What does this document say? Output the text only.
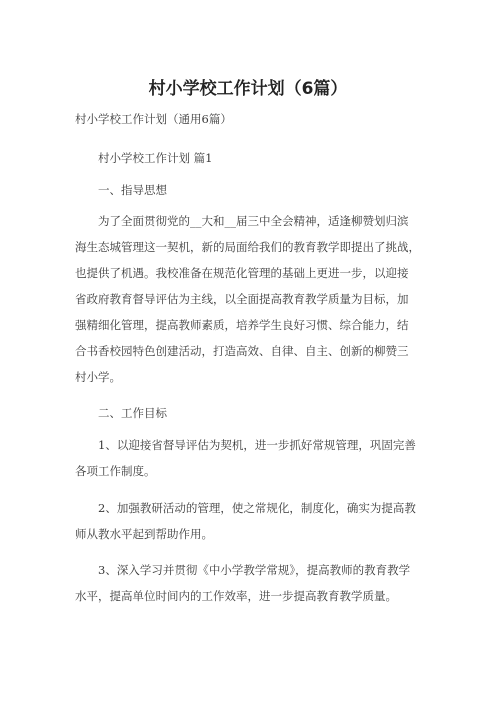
村小学校工作计划（6篇）
村小学校工作计划（通用6篇）
村小学校工作计划 篇1
一、指导思想
为了全面贯彻党的__大和__届三中全会精神，适逢柳赞划归滨
海生态城管理这一契机，新的局面给我们的教育教学即提出了挑战，
也提供了机遇。我校准备在规范化管理的基础上更进一步，以迎接
省政府教育督导评估为主线，以全面提高教育教学质量为目标，加
强精细化管理，提高教师素质，培养学生良好习惯、综合能力，结
合书香校园特色创建活动，打造高效、自律、自主、创新的柳赞三
村小学。
二、工作目标
1、以迎接省督导评估为契机，进一步抓好常规管理，巩固完善
各项工作制度。
2、加强教研活动的管理，使之常规化，制度化，确实为提高教
师从教水平起到帮助作用。
3、深入学习并贯彻《中小学教学常规》，提高教师的教育教学
水平，提高单位时间内的工作效率，进一步提高教育教学质量。
